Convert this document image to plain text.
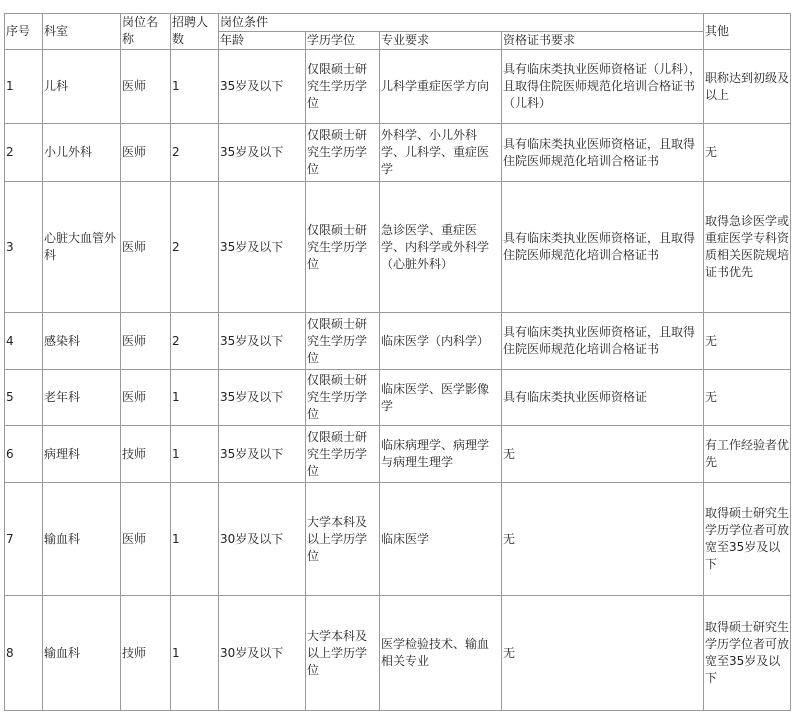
序号	科室	岗位名称	招聘人数	岗位条件				其他
				年龄	学历学位	专业要求	资格证书要求	
1	儿科	医师	1	35岁及以下	仅限硕士研究生学历学位	儿科学重症医学方向	具有临床类执业医师资格证（儿科），且取得住院医师规范化培训合格证书（儿科）	职称达到初级及以上
2	小儿外科	医师	2	35岁及以下	仅限硕士研究生学历学位	外科学、小儿外科学、儿科学、重症医学	具有临床类执业医师资格证，且取得住院医师规范化培训合格证书	无
3	心脏大血管外科	医师	2	35岁及以下	仅限硕士研究生学历学位	急诊医学、重症医学、内科学或外科学（心脏外科）	具有临床类执业医师资格证，且取得住院医师规范化培训合格证书	取得急诊医学或重症医学专科资质相关医院规培证书优先
4	感染科	医师	2	35岁及以下	仅限硕士研究生学历学位	临床医学（内科学）	具有临床类执业医师资格证，且取得住院医师规范化培训合格证书	无
5	老年科	医师	1	35岁及以下	仅限硕士研究生学历学位	临床医学、医学影像学	具有临床类执业医师资格证	无
6	病理科	技师	1	35岁及以下	仅限硕士研究生学历学位	临床病理学、病理学与病理生理学	无	有工作经验者优先
7	输血科	医师	1	30岁及以下	大学本科及以上学历学位	临床医学	无	取得硕士研究生学历学位者可放宽至35岁及以下
8	输血科	技师	1	30岁及以下	大学本科及以上学历学位	医学检验技术、输血相关专业	无	取得硕士研究生学历学位者可放宽至35岁及以下
